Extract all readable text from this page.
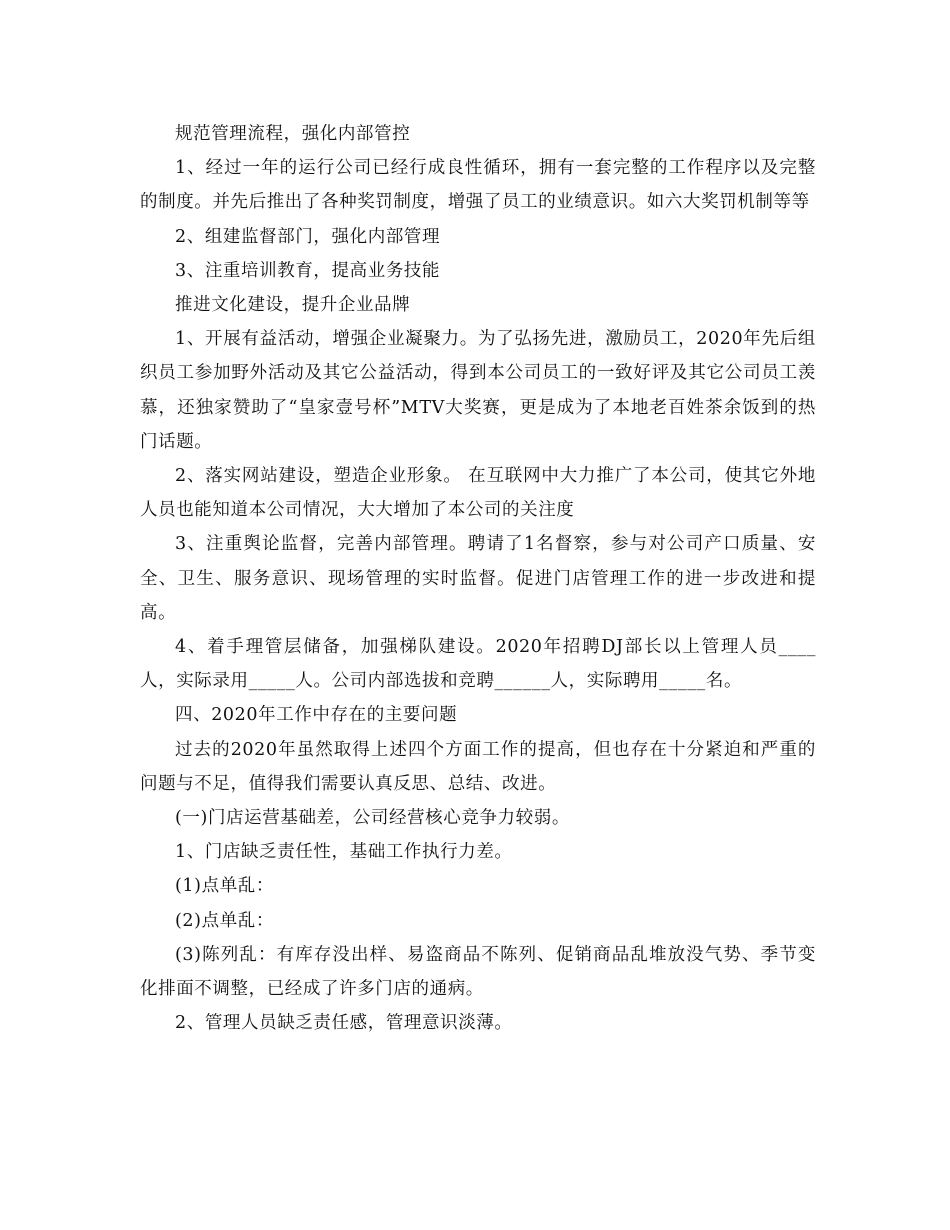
规范管理流程，强化内部管控

1、经过一年的运行公司已经行成良性循环，拥有一套完整的工作程序以及完整的制度。并先后推出了各种奖罚制度，增强了员工的业绩意识。如六大奖罚机制等等

2、组建监督部门，强化内部管理

3、注重培训教育，提高业务技能

推进文化建设，提升企业品牌

1、开展有益活动，增强企业凝聚力。为了弘扬先进，激励员工，2020年先后组织员工参加野外活动及其它公益活动，得到本公司员工的一致好评及其它公司员工羡慕，还独家赞助了“皇家壹号杯”MTV大奖赛，更是成为了本地老百姓茶余饭到的热门话题。

2、落实网站建设，塑造企业形象。 在互联网中大力推广了本公司，使其它外地人员也能知道本公司情况，大大增加了本公司的关注度

3、注重舆论监督，完善内部管理。聘请了1名督察，参与对公司产口质量、安全、卫生、服务意识、现场管理的实时监督。促进门店管理工作的进一步改进和提高。

4、着手理管层储备，加强梯队建设。2020年招聘DJ部长以上管理人员____人，实际录用_____人。公司内部选拔和竞聘______人，实际聘用_____名。

四、2020年工作中存在的主要问题

过去的2020年虽然取得上述四个方面工作的提高，但也存在十分紧迫和严重的问题与不足，值得我们需要认真反思、总结、改进。

(一)门店运营基础差，公司经营核心竞争力较弱。

1、门店缺乏责任性，基础工作执行力差。

(1)点单乱：

(2)点单乱：

(3)陈列乱：有库存没出样、易盗商品不陈列、促销商品乱堆放没气势、季节变化排面不调整，已经成了许多门店的通病。

2、管理人员缺乏责任感，管理意识淡薄。
